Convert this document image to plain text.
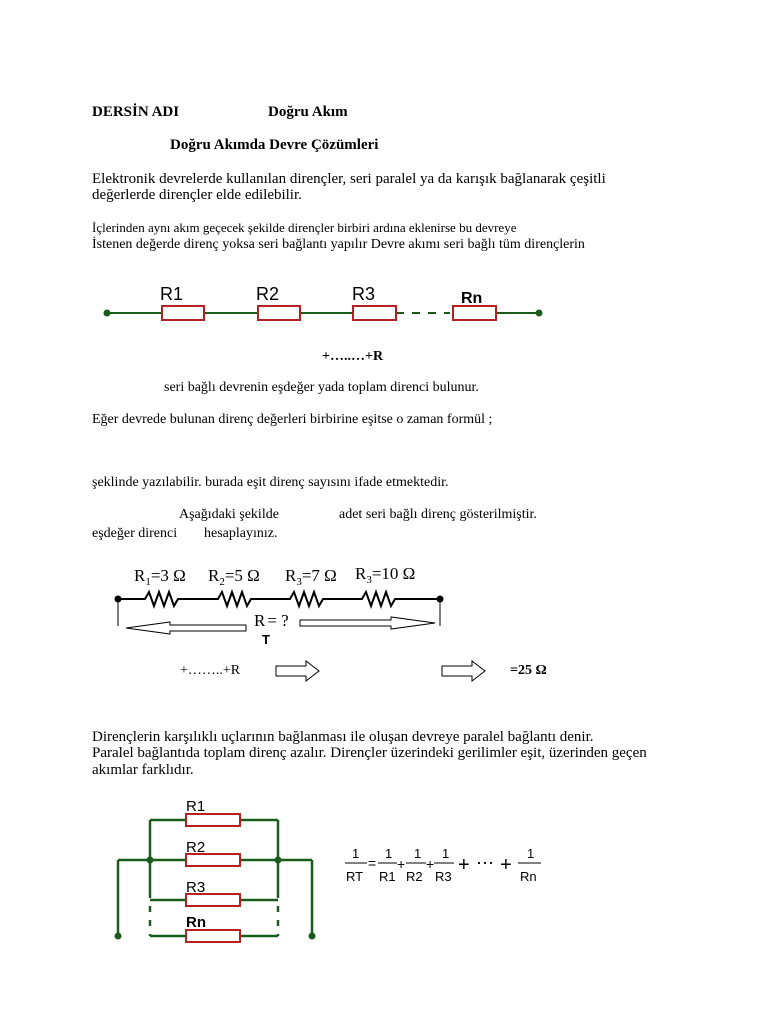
DERSİN ADI	Doğru Akım
Doğru Akımda Devre Çözümleri
Elektronik devrelerde kullanılan dirençler, seri paralel ya da karışık bağlanarak çeşitli
değerlerde dirençler elde edilebilir.
İçlerinden aynı akım geçecek şekilde dirençler birbiri ardına eklenirse bu devreye
İstenen değerde direnç yoksa seri bağlantı yapılır Devre akımı seri bağlı tüm dirençlerin
R1	R2	R3	Rn
+…..…+R
seri bağlı devrenin eşdeğer yada toplam direnci bulunur.
Eğer devrede bulunan direnç değerleri birbirine eşitse o zaman formül ;
şeklinde yazılabilir. burada eşit direnç sayısını ifade etmektedir.
Aşağıdaki şekilde	adet seri bağlı direnç gösterilmiştir.
eşdeğer direnci hesaplayınız.
$R_1=3$ Ω $R_2=5$ Ω $R_3=7$ Ω $R_3=10$ Ω
R = ?
T
+……..+R	=25 Ω
Dirençlerin karşılıklı uçlarının bağlanması ile oluşan devreye paralel bağlantı denir.
Paralel bağlantıda toplam direnç azalır. Dirençler üzerindeki gerilimler eşit, üzerinden geçen
akımlar farklıdır.
R1
R2
R3
Rn
1
RT
=
1
R1
+
1
R2
+
1
R3
+ ⋯ +
1
Rn
